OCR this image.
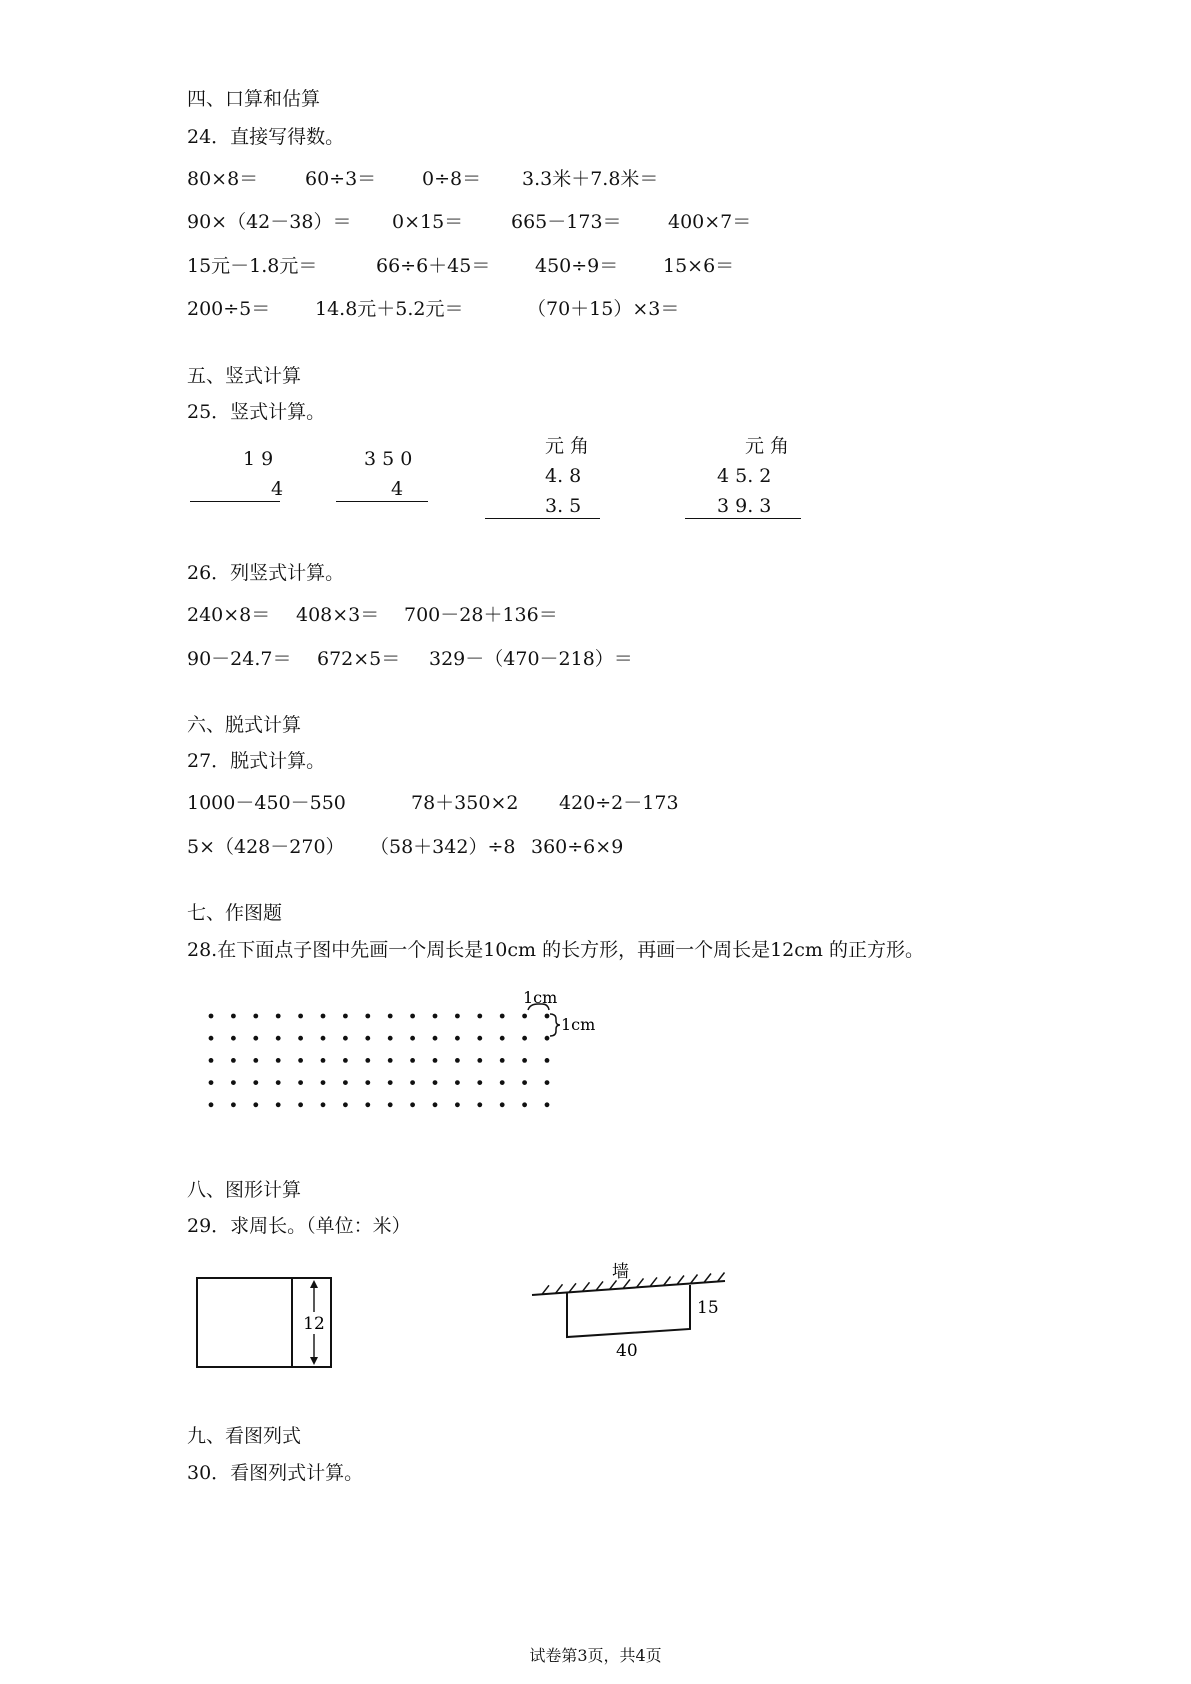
四、口算和估算
24．直接写得数。
80×8＝ 60÷3＝ 0÷8＝ 3.3米＋7.8米＝
90×（42－38）＝ 0×15＝	665－173＝ 400×7＝
15元－1.8元＝	66÷6＋45＝ 450÷9＝ 15×6＝
200÷5＝ 14.8元＋5.2元＝	（70＋15）×3＝
五、竖式计算
25．竖式计算。
1 9
4
3 5 0
4
元 角
4. 8
3. 5
元 角
4 5. 2
3 9. 3
26．列竖式计算。
240×8＝ 408×3＝ 700－28＋136＝
90－24.7＝ 672×5＝ 329－（470－218）＝
六、脱式计算
27．脱式计算。
1000－450－550	78＋350×2 420÷2－173
5×（428－270） （58＋342）÷8 360÷6×9
七、作图题
28.在下面点子图中先画一个周长是10cm 的长方形，再画一个周长是12cm 的正方形。
1cm
1cm
八、图形计算
29．求周长。（单位：米）
12
墙
15
40
九、看图列式
30．看图列式计算。
试卷第3页，共4页
